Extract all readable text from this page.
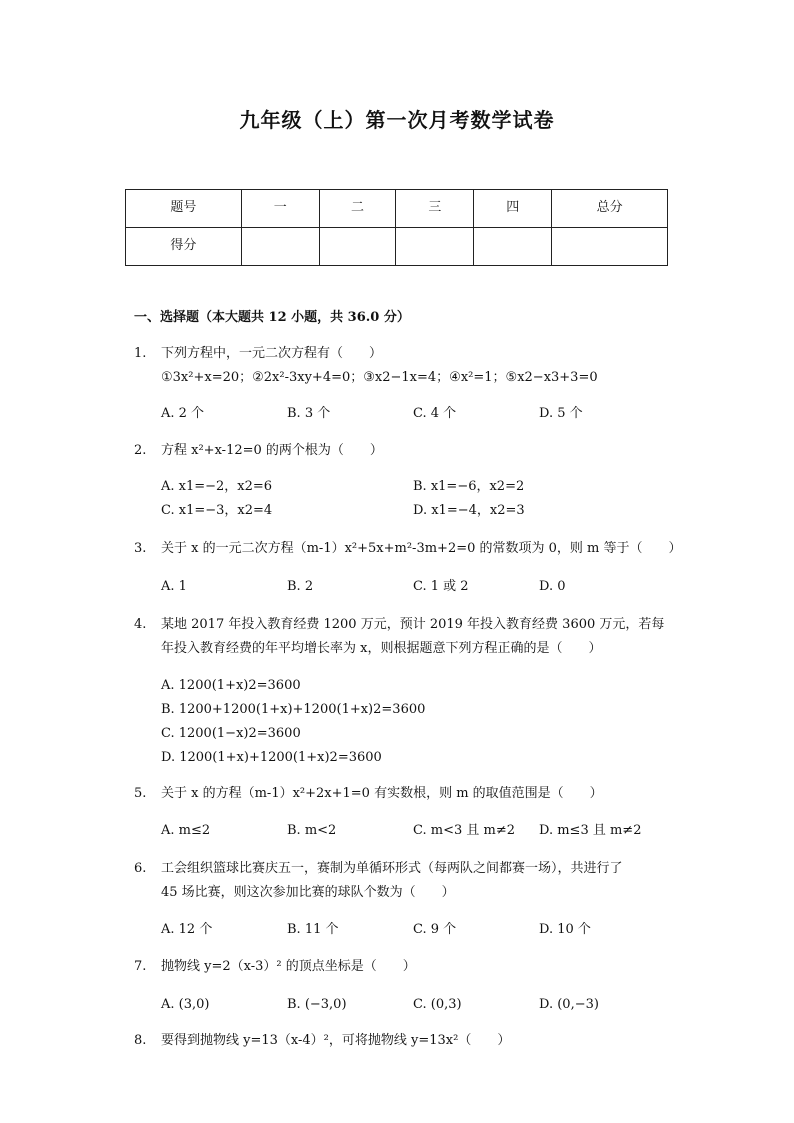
九年级（上）第一次月考数学试卷
题号	一	二	三	四	总分
得分					
一、选择题（本大题共 12 小题，共 36.0 分）
1.	下列方程中，一元二次方程有（　　）
①3x²+x=20；②2x²-3xy+4=0；③x2−1x=4；④x²=1；⑤x2−x3+3=0
A. 2 个	B. 3 个	C. 4 个	D. 5 个
2.	方程 x²+x-12=0 的两个根为（　　）
A. x1=−2，x2=6	B. x1=−6，x2=2
C. x1=−3，x2=4	D. x1=−4，x2=3
3.	关于 x 的一元二次方程（m-1）x²+5x+m²-3m+2=0 的常数项为 0，则 m 等于（　　）
A. 1	B. 2	C. 1 或 2	D. 0
4.	某地 2017 年投入教育经费 1200 万元，预计 2019 年投入教育经费 3600 万元，若每
年投入教育经费的年平均增长率为 x，则根据题意下列方程正确的是（　　）
A. 1200(1+x)2=3600
B. 1200+1200(1+x)+1200(1+x)2=3600
C. 1200(1−x)2=3600
D. 1200(1+x)+1200(1+x)2=3600
5.	关于 x 的方程（m-1）x²+2x+1=0 有实数根，则 m 的取值范围是（　　）
A. m≤2	B. m<2	C. m<3 且 m≠2 D. m≤3 且 m≠2
6.	工会组织篮球比赛庆五一，赛制为单循环形式（每两队之间都赛一场），共进行了
45 场比赛，则这次参加比赛的球队个数为（　　）
A. 12 个	B. 11 个	C. 9 个	D. 10 个
7.	抛物线 y=2（x-3）² 的顶点坐标是（　　）
A. (3,0)	B. (−3,0)	C. (0,3)	D. (0,−3)
8.	要得到抛物线 y=13（x-4）²，可将抛物线 y=13x²（　　）
